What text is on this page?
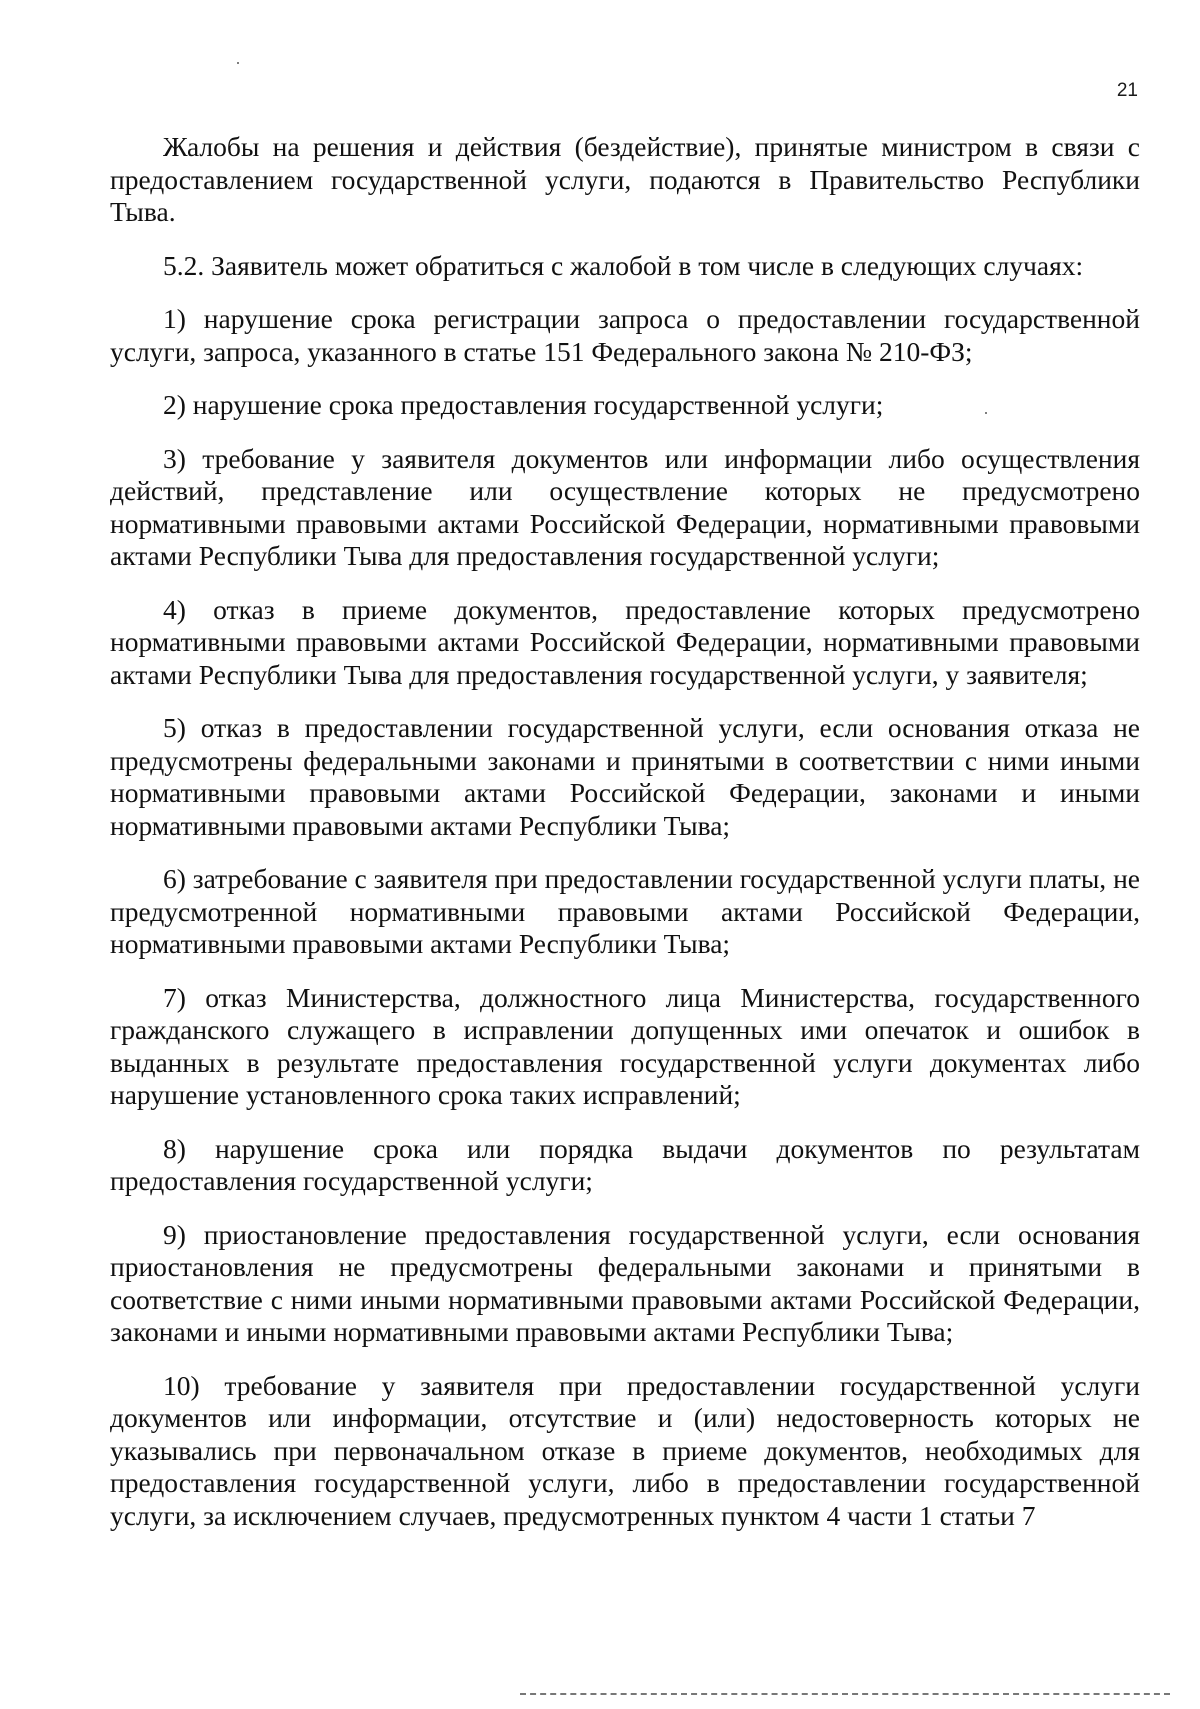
21

Жалобы на решения и действия (бездействие), принятые министром в связи с предоставлением государственной услуги, подаются в Правительство Республики Тыва.

5.2. Заявитель может обратиться с жалобой в том числе в следующих случаях:

1) нарушение срока регистрации запроса о предоставлении государственной услуги, запроса, указанного в статье 151 Федерального закона № 210-ФЗ;

2) нарушение срока предоставления государственной услуги;

3) требование у заявителя документов или информации либо осуществления действий, представление или осуществление которых не предусмотрено нормативными правовыми актами Российской Федерации, нормативными правовыми актами Республики Тыва для предоставления государственной услуги;

4) отказ в приеме документов, предоставление которых предусмотрено нормативными правовыми актами Российской Федерации, нормативными правовыми актами Республики Тыва для предоставления государственной услуги, у заявителя;

5) отказ в предоставлении государственной услуги, если основания отказа не предусмотрены федеральными законами и принятыми в соответствии с ними иными нормативными правовыми актами Российской Федерации, законами и иными нормативными правовыми актами Республики Тыва;

6) затребование с заявителя при предоставлении государственной услуги платы, не предусмотренной нормативными правовыми актами Российской Федерации, нормативными правовыми актами Республики Тыва;

7) отказ Министерства, должностного лица Министерства, государственного гражданского служащего в исправлении допущенных ими опечаток и ошибок в выданных в результате предоставления государственной услуги документах либо нарушение установленного срока таких исправлений;

8) нарушение срока или порядка выдачи документов по результатам предоставления государственной услуги;

9) приостановление предоставления государственной услуги, если основания приостановления не предусмотрены федеральными законами и принятыми в соответствие с ними иными нормативными правовыми актами Российской Федерации, законами и иными нормативными правовыми актами Республики Тыва;

10) требование у заявителя при предоставлении государственной услуги документов или информации, отсутствие и (или) недостоверность которых не указывались при первоначальном отказе в приеме документов, необходимых для предоставления государственной услуги, либо в предоставлении государственной услуги, за исключением случаев, предусмотренных пунктом 4 части 1 статьи 7
